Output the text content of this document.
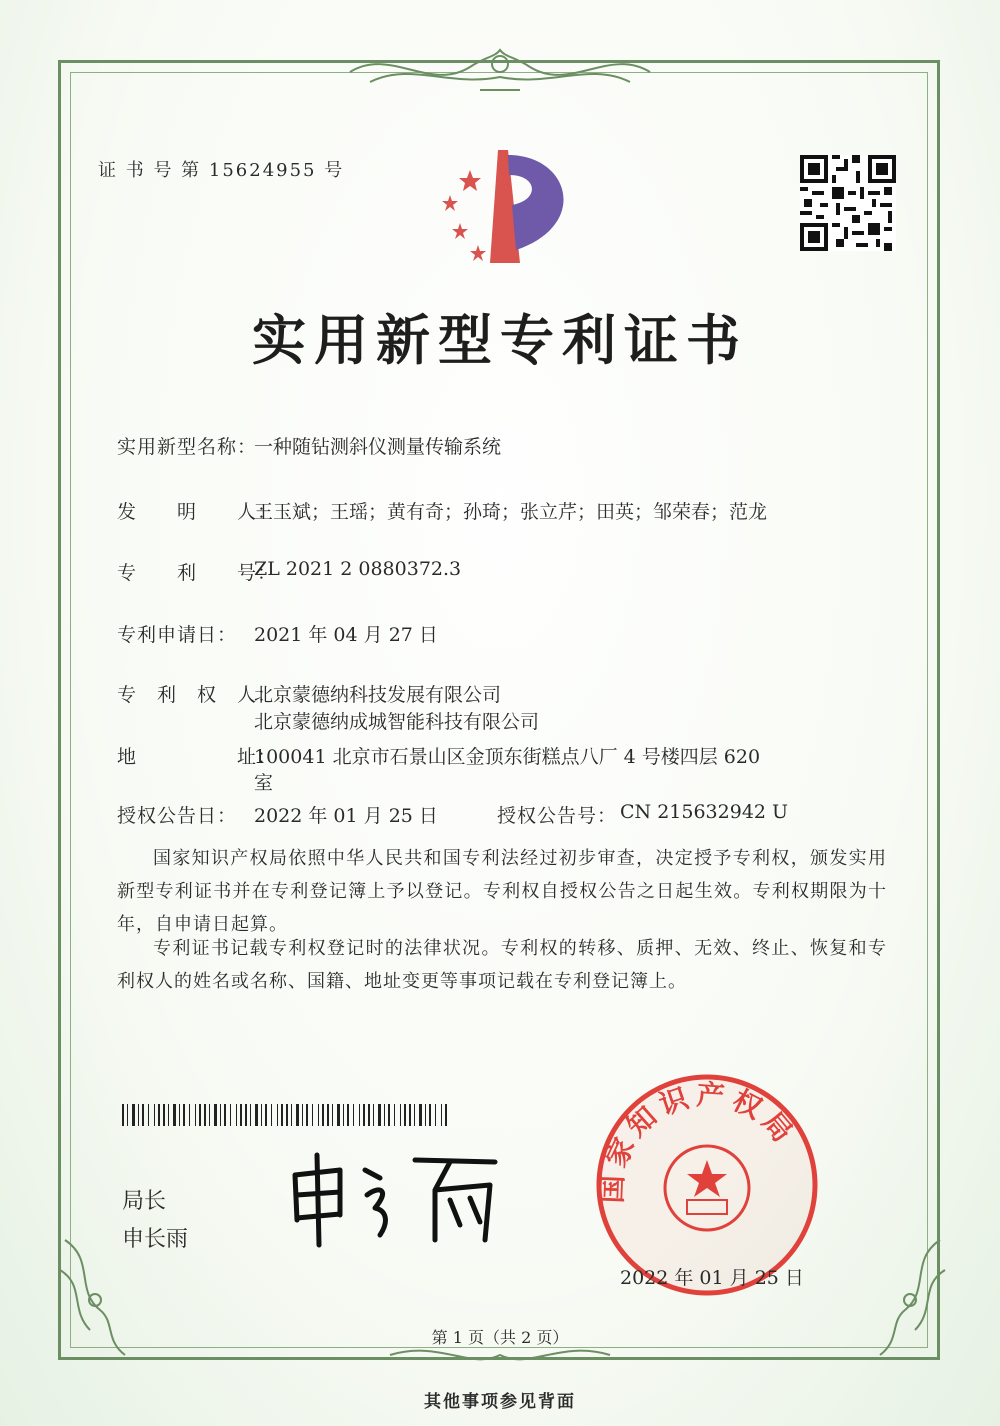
证 书 号 第 15624955 号
实用新型专利证书
实用新型名称：
一种随钻测斜仪测量传输系统
发　　明　　人：
王玉斌；王瑶；黄有奇；孙琦；张立芹；田英；邹荣春；范龙
专　　利　　号：
ZL 2021 2 0880372.3
专利申请日： 2021 年 04 月 27 日
专　利　权　人：
北京蒙德纳科技发展有限公司
北京蒙德纳成城智能科技有限公司
地　　　　　址：
100041 北京市石景山区金顶东街糕点八厂 4 号楼四层 620
室
授权公告日： 2022 年 01 月 25 日	授权公告号： CN 215632942 U
国家知识产权局依照中华人民共和国专利法经过初步审查，决定授予专利权，颁发实用新型专利证书并在专利登记簿上予以登记。专利权自授权公告之日起生效。专利权期限为十年，自申请日起算。
专利证书记载专利权登记时的法律状况。专利权的转移、质押、无效、终止、恢复和专利权人的姓名或名称、国籍、地址变更等事项记载在专利登记簿上。
局长
申长雨
国家知识产权局
2022 年 01 月 25 日
第 1 页（共 2 页）
其他事项参见背面
